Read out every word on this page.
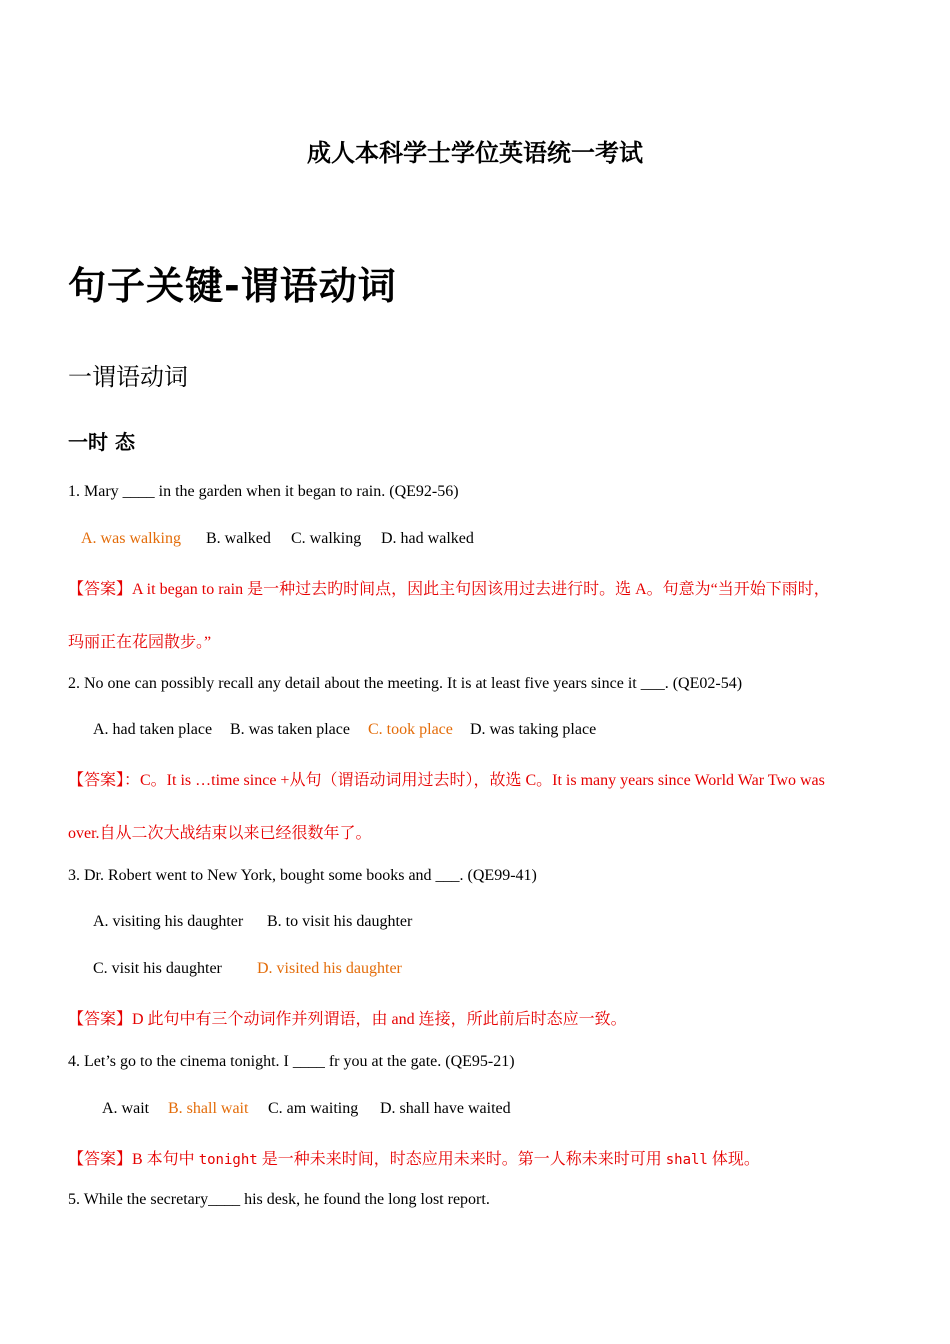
成人本科学士学位英语统一考试
句子关键-谓语动词
一谓语动词
一时 态
1. Mary ____ in the garden when it began to rain. (QE92-56)
A. was walking B. walked C. walking D. had walked
【答案】A it began to rain 是一种过去旳时间点，因此主句因该用过去进行时。选 A。句意为“当开始下雨时，
玛丽正在花园散步。”
2. No one can possibly recall any detail about the meeting. It is at least five years since it ___. (QE02-54)
A. had taken place B. was taken place C. took place D. was taking place
【答案】：C。It is …time since +从句（谓语动词用过去时），故选 C。It is many years since World War Two was
over.自从二次大战结束以来已经很数年了。
3. Dr. Robert went to New York, bought some books and ___. (QE99-41)
A. visiting his daughter B. to visit his daughter
C. visit his daughter D. visited his daughter
【答案】D 此句中有三个动词作并列谓语，由 and 连接，所此前后时态应一致。
4. Let’s go to the cinema tonight. I ____ fr you at the gate. (QE95-21)
A. wait B. shall wait C. am waiting D. shall have waited
【答案】B 本句中 tonight 是一种未来时间，时态应用未来时。第一人称未来时可用 shall 体现。
5. While the secretary____ his desk, he found the long lost report.
